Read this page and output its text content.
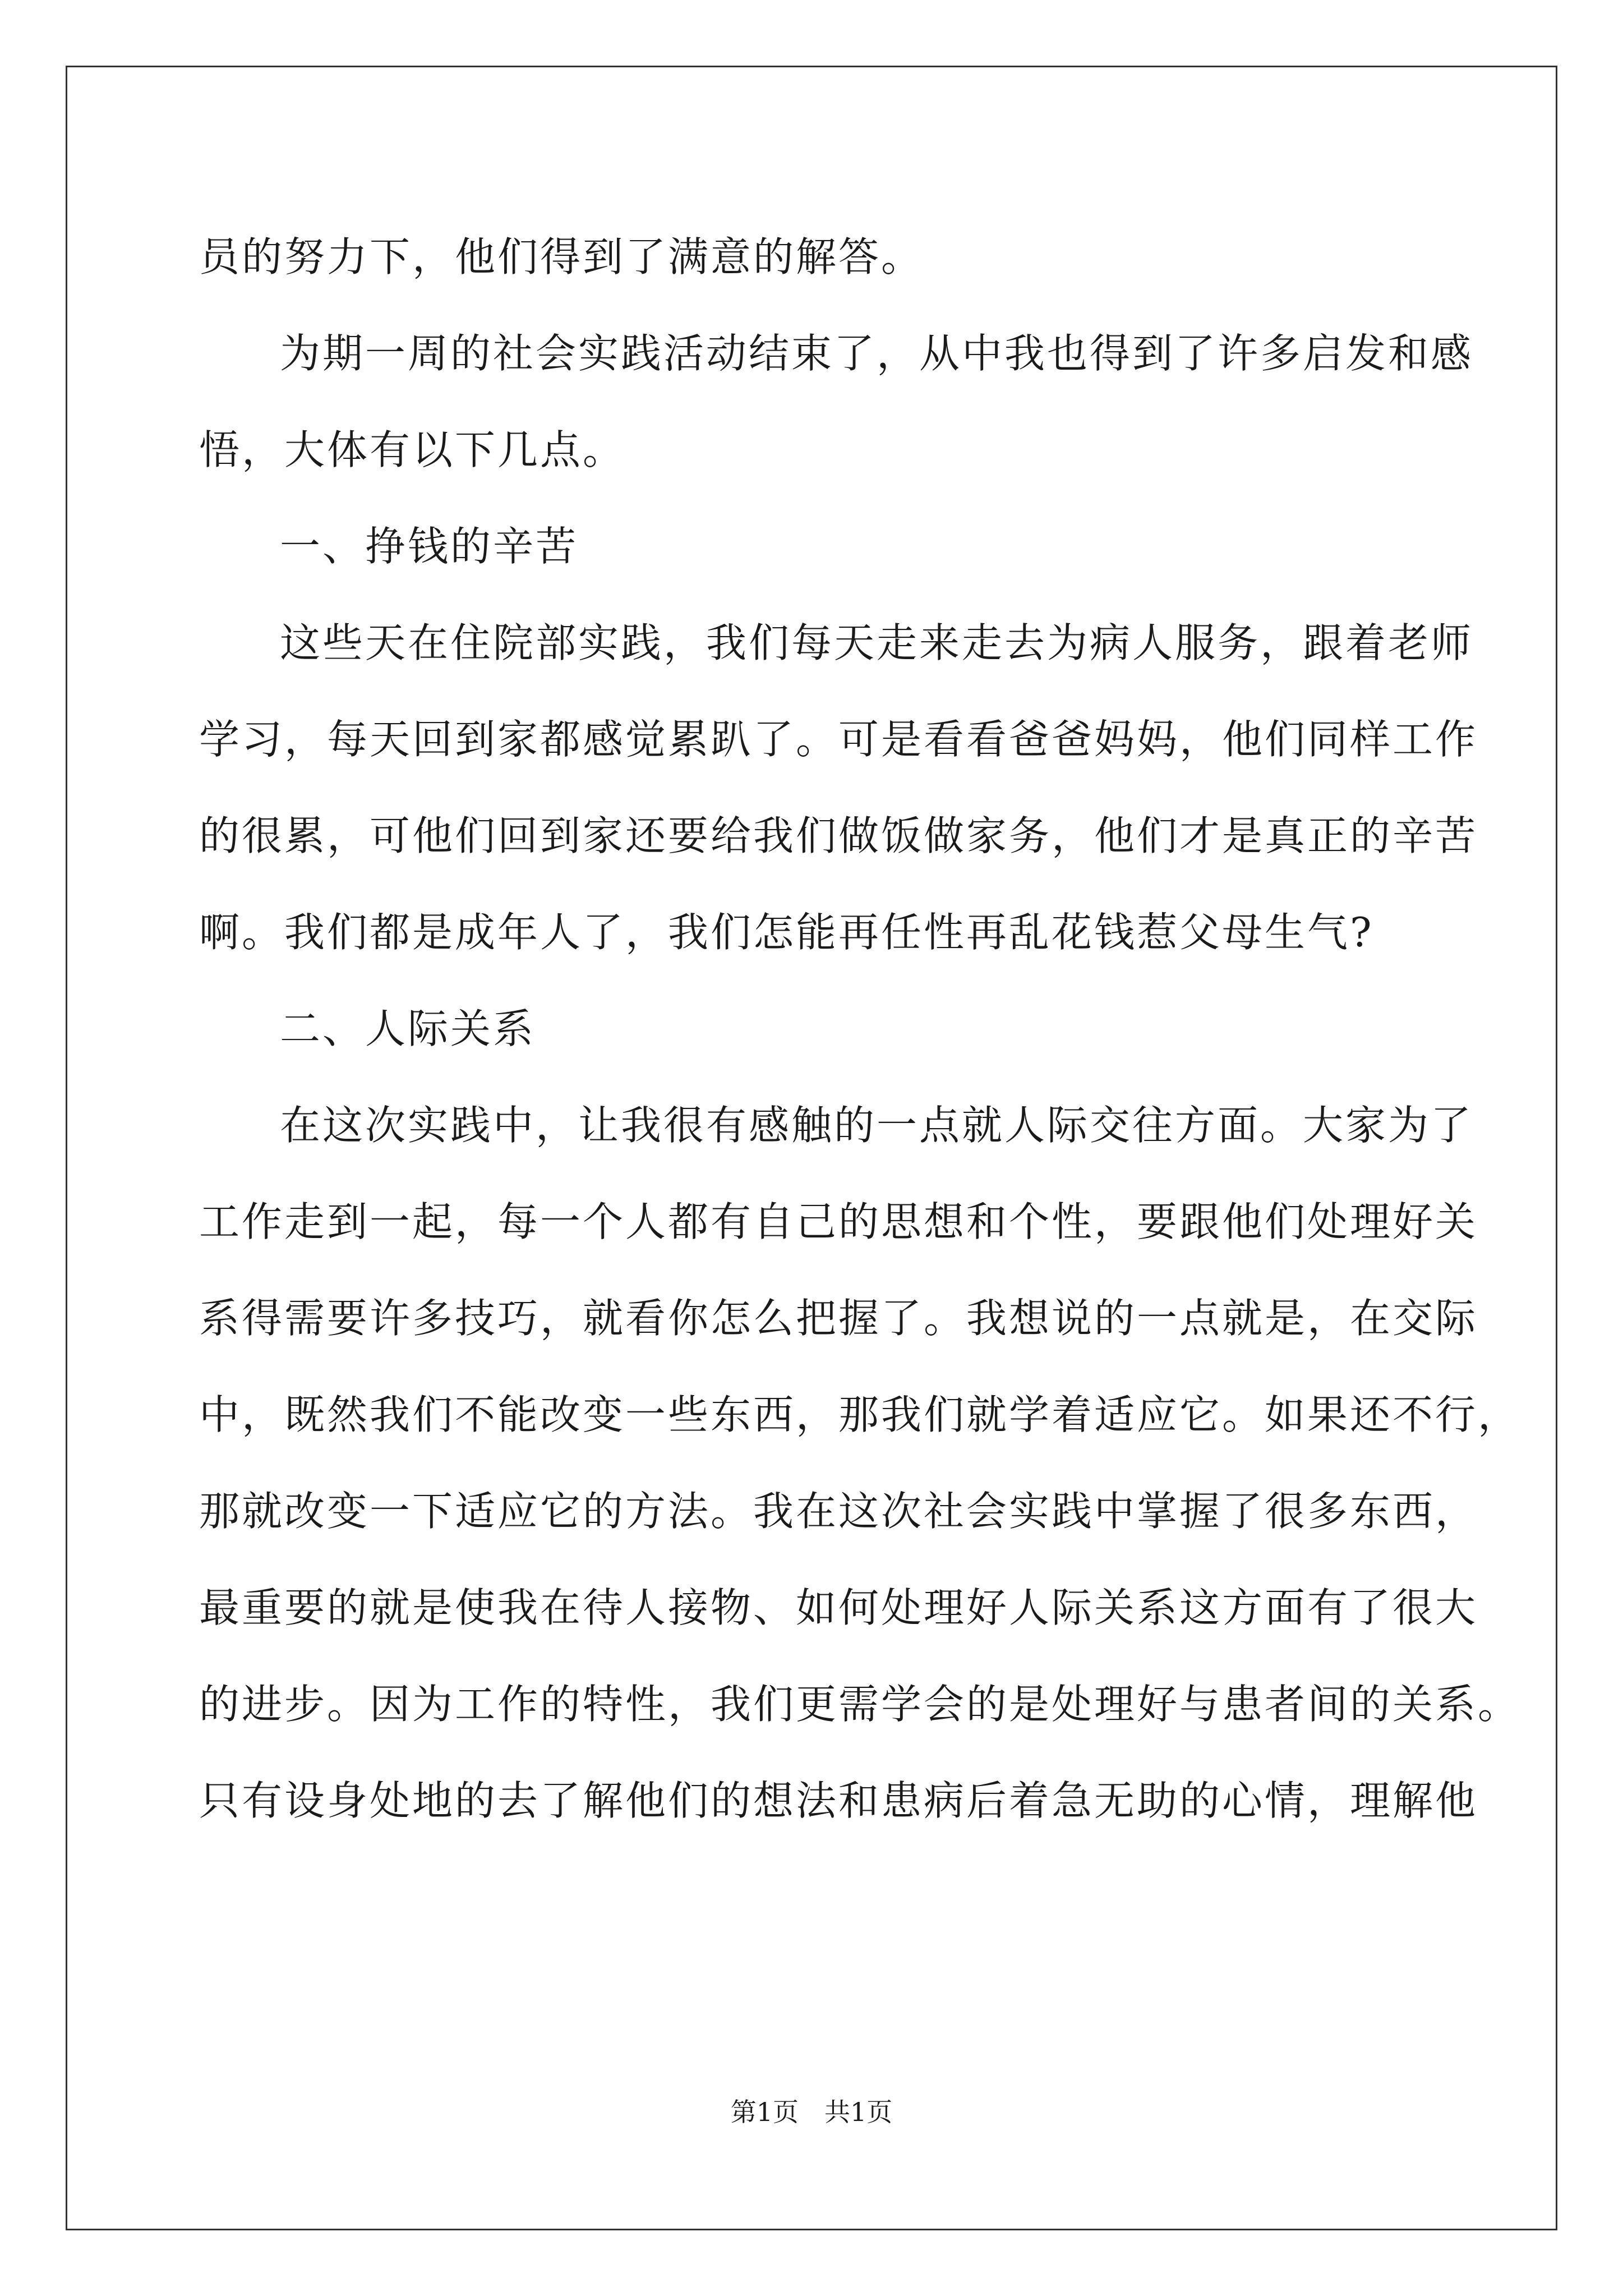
员的努力下，他们得到了满意的解答。
为期一周的社会实践活动结束了，从中我也得到了许多启发和感
悟，大体有以下几点。
一、挣钱的辛苦
这些天在住院部实践，我们每天走来走去为病人服务，跟着老师
学习，每天回到家都感觉累趴了。可是看看爸爸妈妈，他们同样工作
的很累，可他们回到家还要给我们做饭做家务，他们才是真正的辛苦
啊。我们都是成年人了，我们怎能再任性再乱花钱惹父母生气?
二、人际关系
在这次实践中，让我很有感触的一点就人际交往方面。大家为了
工作走到一起，每一个人都有自己的思想和个性，要跟他们处理好关
系得需要许多技巧，就看你怎么把握了。我想说的一点就是，在交际
中，既然我们不能改变一些东西，那我们就学着适应它。如果还不行，
那就改变一下适应它的方法。我在这次社会实践中掌握了很多东西，
最重要的就是使我在待人接物、如何处理好人际关系这方面有了很大
的进步。因为工作的特性，我们更需学会的是处理好与患者间的关系。
只有设身处地的去了解他们的想法和患病后着急无助的心情，理解他
第1页　共1页
